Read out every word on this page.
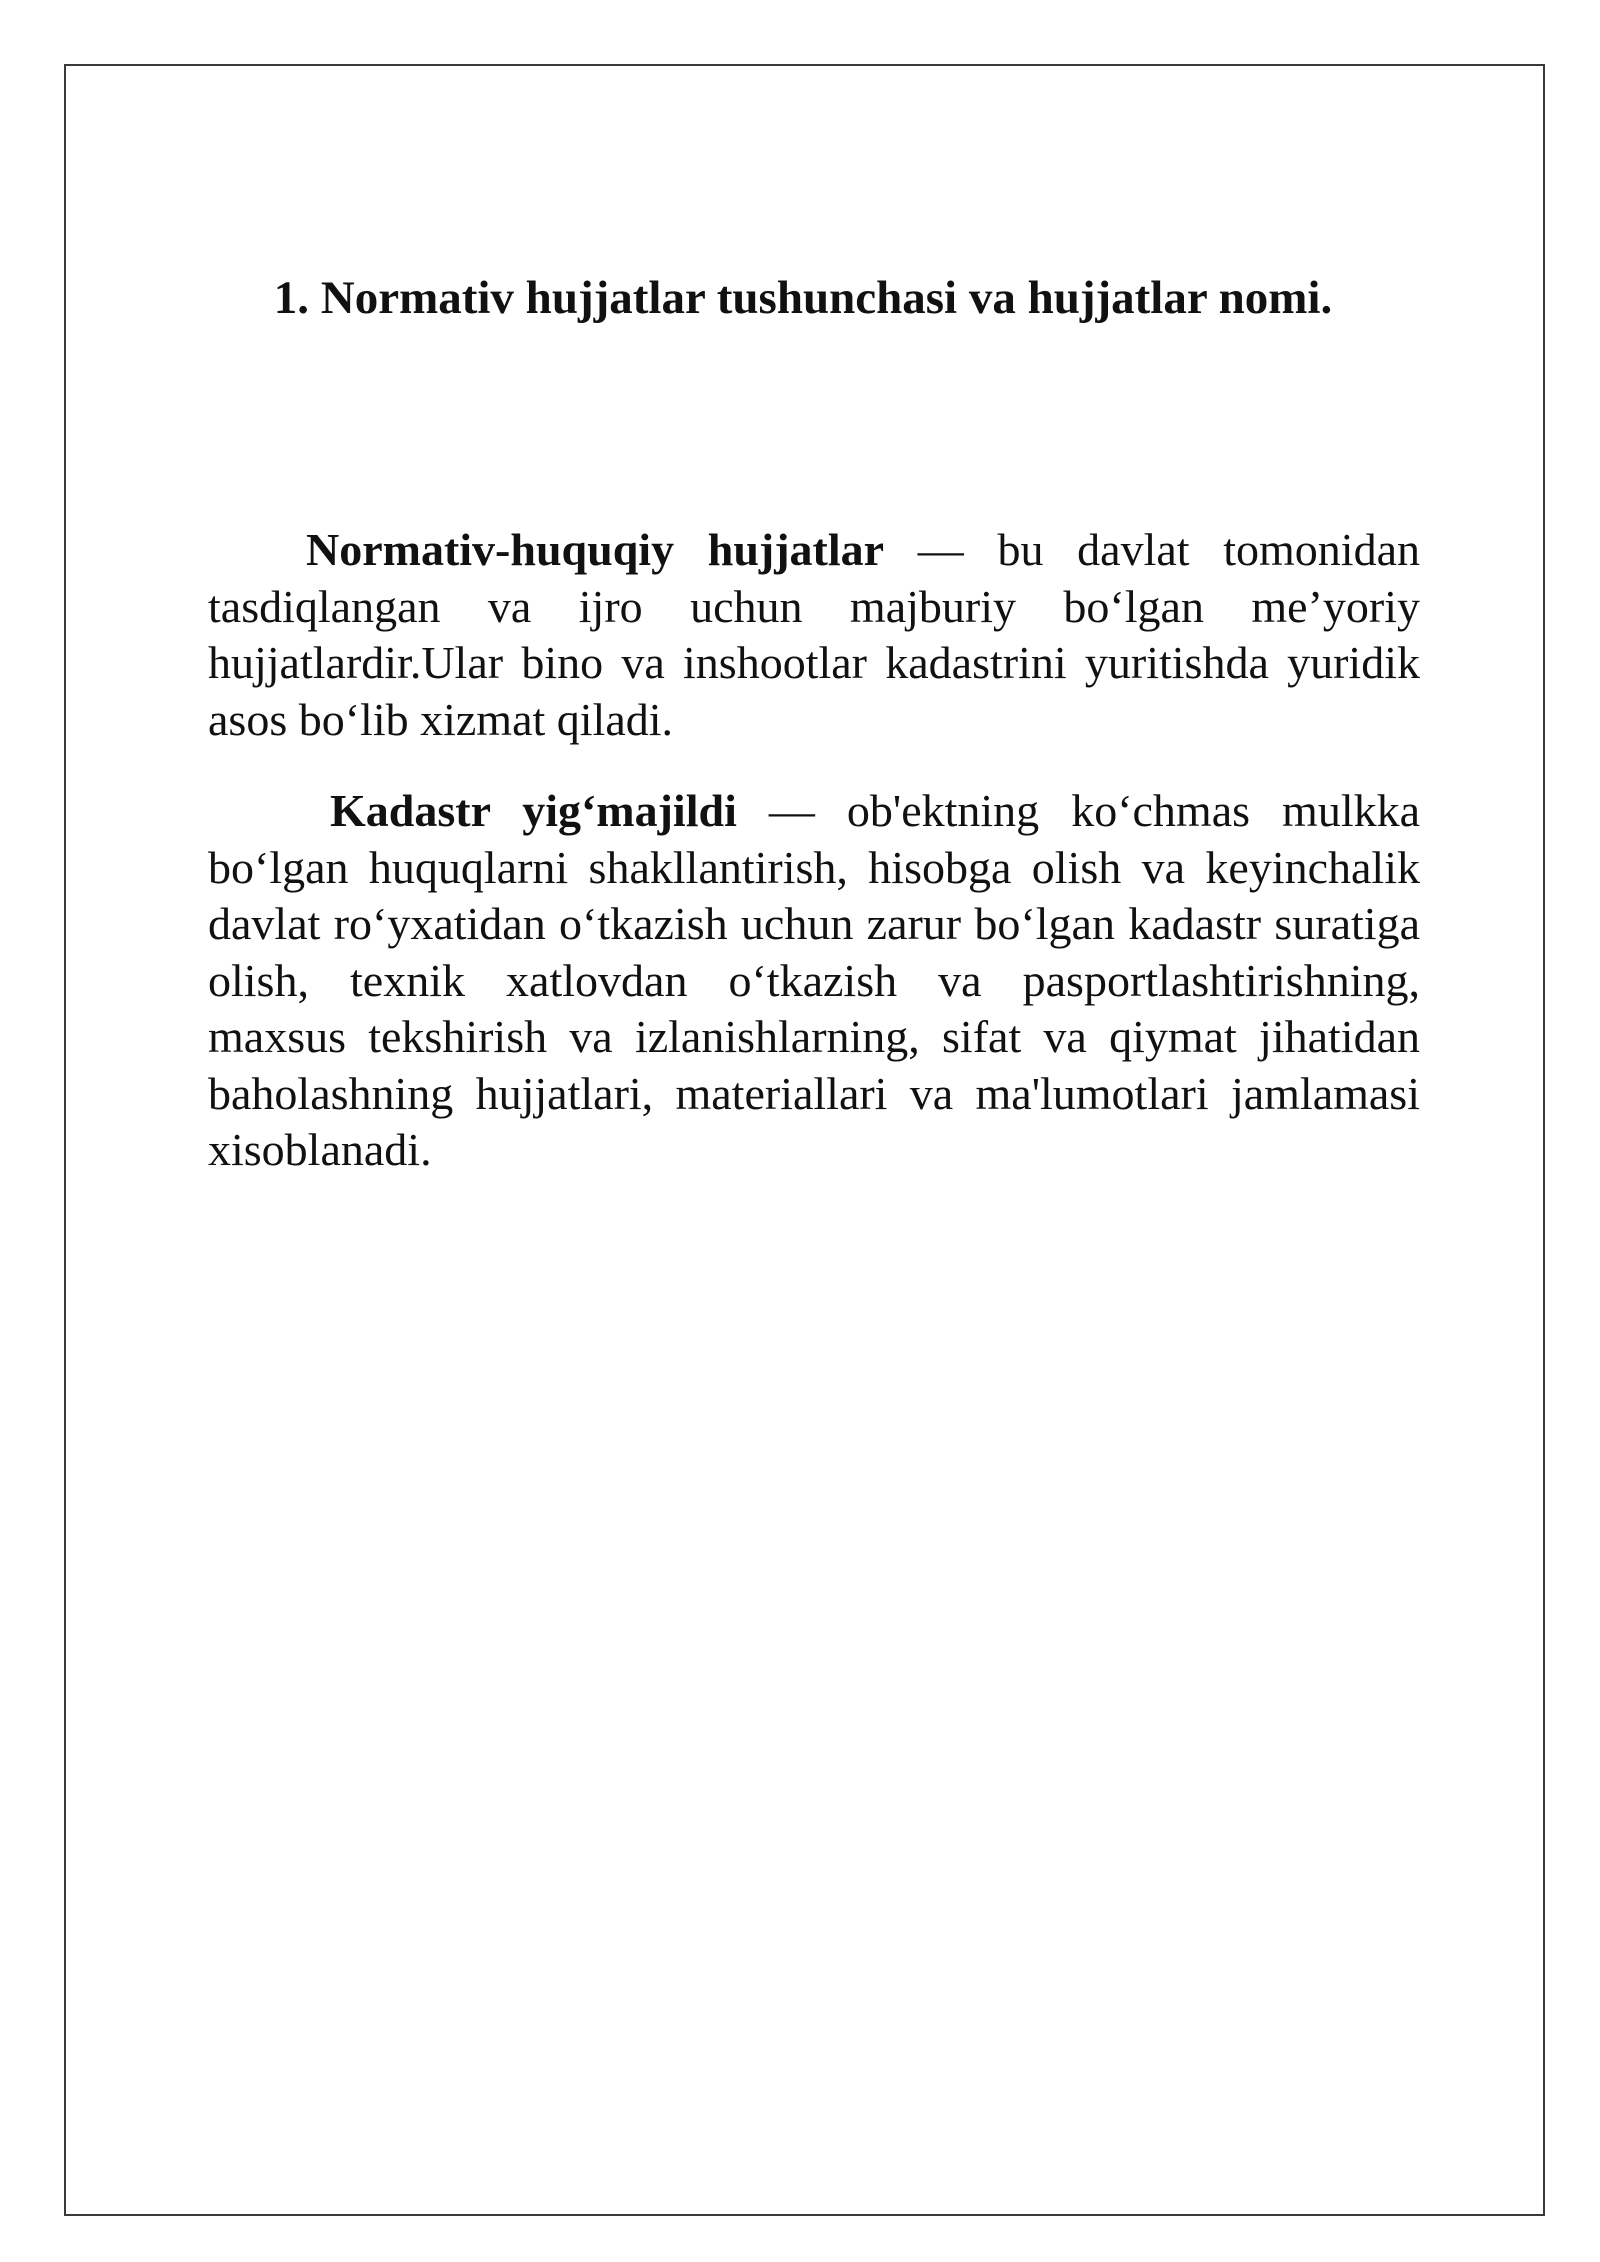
1. Normativ hujjatlar tushunchasi va hujjatlar nomi.

Normativ-huquqiy hujjatlar — bu davlat tomonidan tasdiqlangan va ijro uchun majburiy bo‘lgan me’yoriy hujjatlardir.Ular bino va inshootlar kadastrini yuritishda yuridik asos bo‘lib xizmat qiladi.

Kadastr yig‘majildi — ob'ektning ko‘chmas mulkka bo‘lgan huquqlarni shakllantirish, hisobga olish va keyinchalik davlat ro‘yxatidan o‘tkazish uchun zarur bo‘lgan kadastr suratiga olish, texnik xatlovdan o‘tkazish va pasportlashtirishning, maxsus tekshirish va izlanishlarning, sifat va qiymat jihatidan baholashning hujjatlari, materiallari va ma'lumotlari jamlamasi xisoblanadi.
